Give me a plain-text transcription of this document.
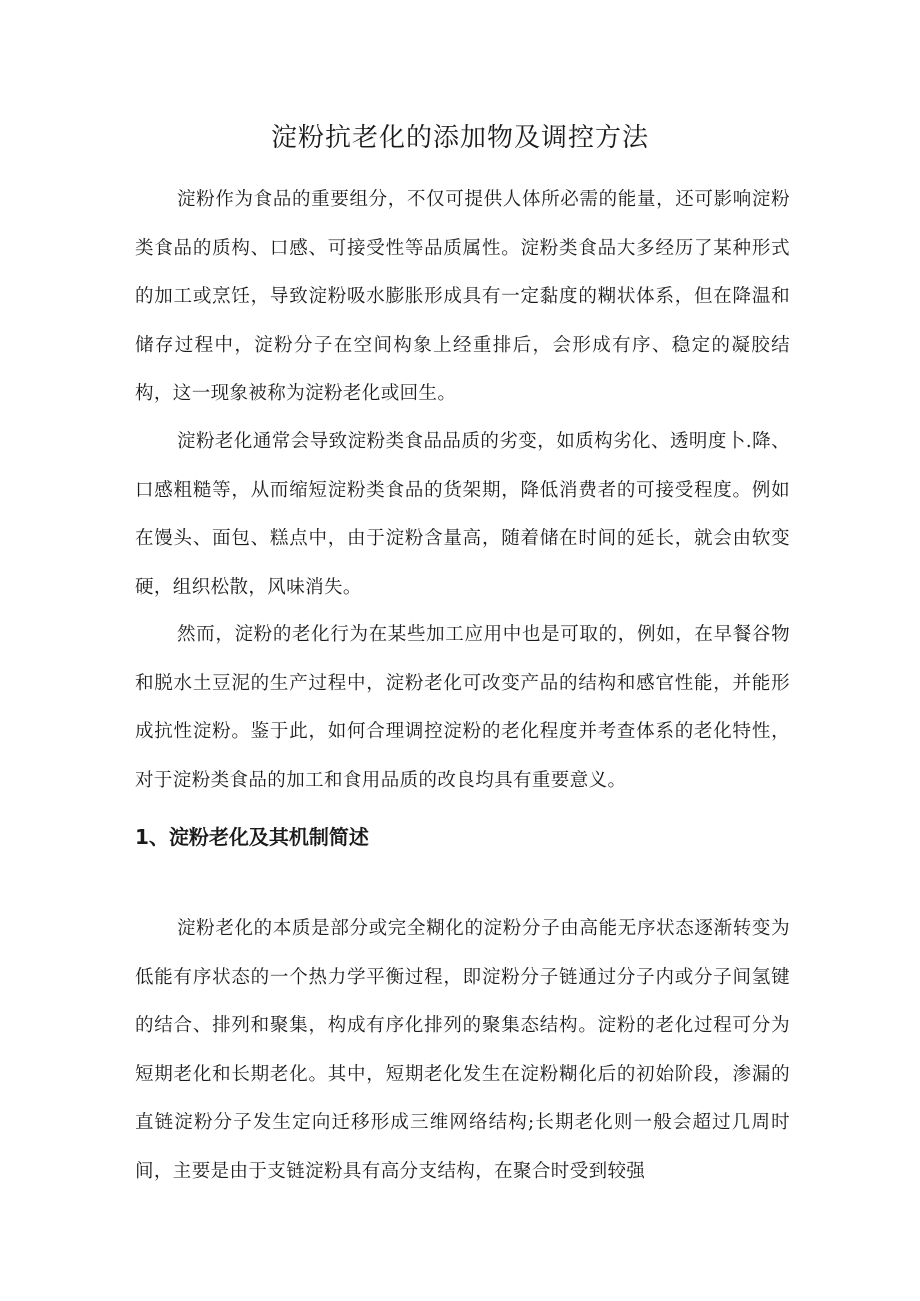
淀粉抗老化的添加物及调控方法

淀粉作为食品的重要组分，不仅可提供人体所必需的能量，还可影响淀粉类食品的质构、口感、可接受性等品质属性。淀粉类食品大多经历了某种形式的加工或烹饪，导致淀粉吸水膨胀形成具有一定黏度的糊状体系，但在降温和储存过程中，淀粉分子在空间构象上经重排后，会形成有序、稳定的凝胶结构，这一现象被称为淀粉老化或回生。

淀粉老化通常会导致淀粉类食品品质的劣变，如质构劣化、透明度卜.降、口感粗糙等，从而缩短淀粉类食品的货架期，降低消费者的可接受程度。例如在馒头、面包、糕点中，由于淀粉含量高，随着储在时间的延长，就会由软变硬，组织松散，风味消失。

然而，淀粉的老化行为在某些加工应用中也是可取的，例如，在早餐谷物和脱水土豆泥的生产过程中，淀粉老化可改变产品的结构和感官性能，并能形成抗性淀粉。鉴于此，如何合理调控淀粉的老化程度并考查体系的老化特性，对于淀粉类食品的加工和食用品质的改良均具有重要意义。

1、淀粉老化及其机制简述

淀粉老化的本质是部分或完全糊化的淀粉分子由高能无序状态逐渐转变为低能有序状态的一个热力学平衡过程，即淀粉分子链通过分子内或分子间氢键的结合、排列和聚集，构成有序化排列的聚集态结构。淀粉的老化过程可分为短期老化和长期老化。其中，短期老化发生在淀粉糊化后的初始阶段，渗漏的直链淀粉分子发生定向迁移形成三维网络结构;长期老化则一般会超过几周时间，主要是由于支链淀粉具有高分支结构，在聚合时受到较强
